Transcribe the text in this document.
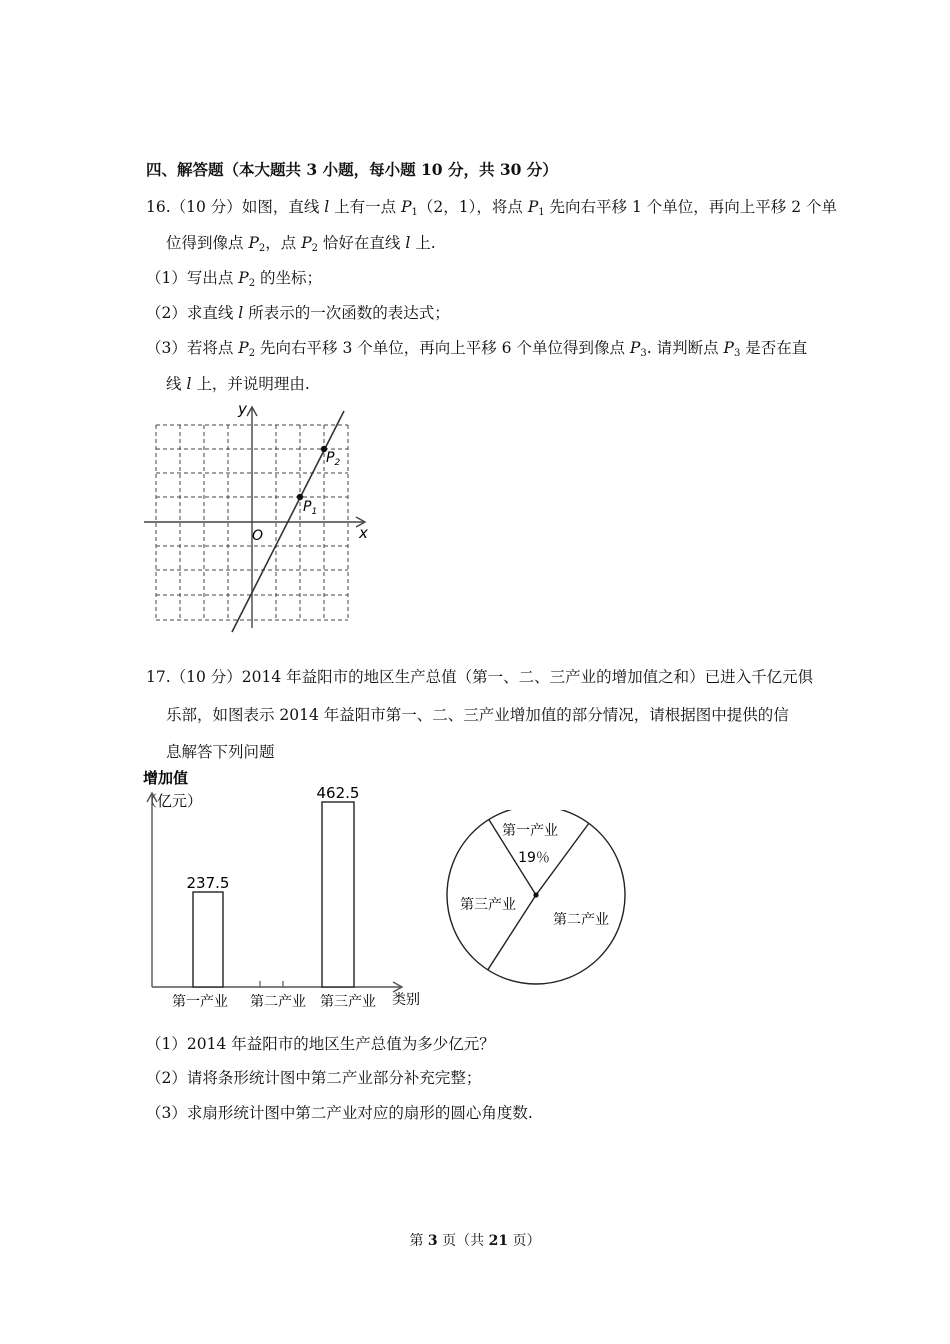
四、解答题（本大题共 3 小题，每小题 10 分，共 30 分）
16.（10 分）如图，直线 l 上有一点 $P_1(2$，1），将点 $P_1$ 先向右平移 1 个单位，再向上平移 2 个单
位得到像点 $P_2$，点 $P_2$ 恰好在直线 l 上.
（1）写出点 $P_2$ 的坐标；
（2）求直线 l 所表示的一次函数的表达式；
（3）若将点 $P_2$ 先向右平移 3 个单位，再向上平移 6 个单位得到像点 $P_3$. 请判断点 $P_3$ 是否在直
线 l 上，并说明理由.
y
x
O
$P_1$
$P_2$
17.（10 分）2014 年益阳市的地区生产总值（第一、二、三产业的增加值之和）已进入千亿元俱
乐部，如图表示 2014 年益阳市第一、二、三产业增加值的部分情况，请根据图中提供的信
息解答下列问题
增加值
（亿元）
237.5
462.5
第一产业 第二产业 第三产业 类别
第一产业
19％
第二产业
第三产业
（1）2014 年益阳市的地区生产总值为多少亿元？
（2）请将条形统计图中第二产业部分补充完整；
（3）求扇形统计图中第二产业对应的扇形的圆心角度数.
第 3 页（共 21 页）
